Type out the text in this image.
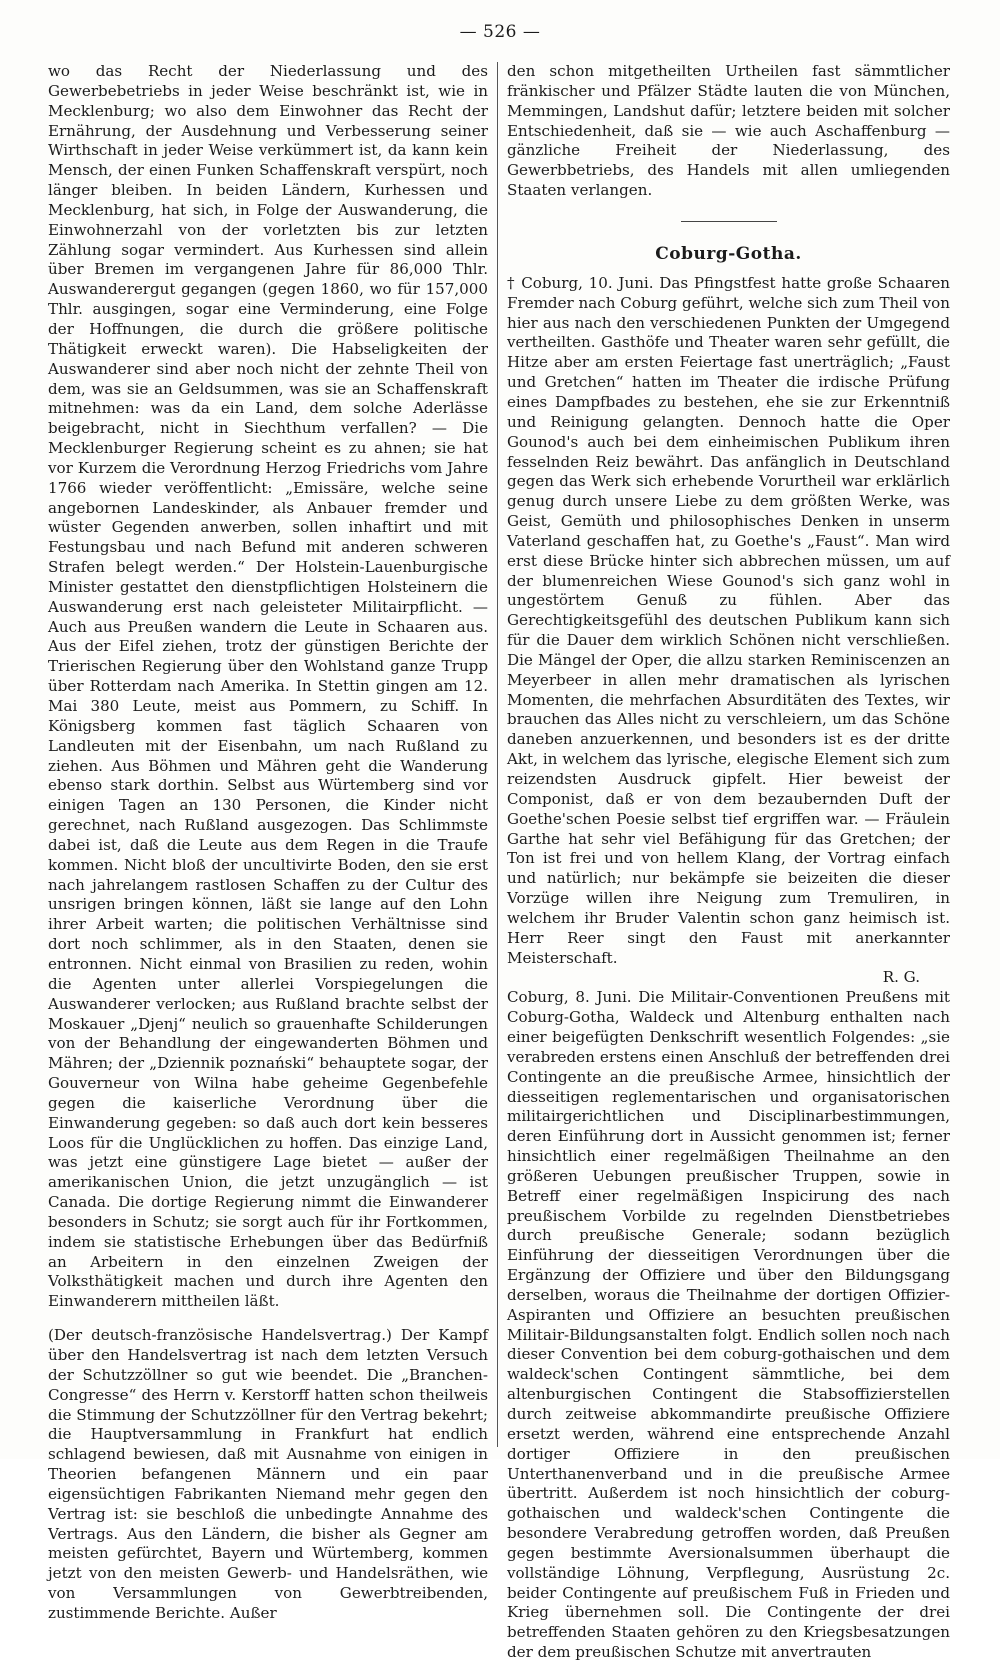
— 526 —

wo das Recht der Niederlassung und des Gewerbebetriebs in jeder Weise beschränkt ist, wie in Mecklenburg; wo also dem Einwohner das Recht der Ernährung, der Ausdehnung und Verbesserung seiner Wirthschaft in jeder Weise verkümmert ist, da kann kein Mensch, der einen Funken Schaffenskraft verspürt, noch länger bleiben. In beiden Ländern, Kurhessen und Mecklenburg, hat sich, in Folge der Auswanderung, die Einwohnerzahl von der vorletzten bis zur letzten Zählung sogar vermindert. Aus Kurhessen sind allein über Bremen im vergangenen Jahre für 86,000 Thlr. Auswanderergut gegangen (gegen 1860, wo für 157,000 Thlr. ausgingen, sogar eine Verminderung, eine Folge der Hoffnungen, die durch die größere politische Thätigkeit erweckt waren). Die Habseligkeiten der Auswanderer sind aber noch nicht der zehnte Theil von dem, was sie an Geldsummen, was sie an Schaffenskraft mitnehmen: was da ein Land, dem solche Aderlässe beigebracht, nicht in Siechthum verfallen? — Die Mecklenburger Regierung scheint es zu ahnen; sie hat vor Kurzem die Verordnung Herzog Friedrichs vom Jahre 1766 wieder veröffentlicht: „Emissäre, welche seine angebornen Landeskinder, als Anbauer fremder und wüster Gegenden anwerben, sollen inhaftirt und mit Festungsbau und nach Befund mit anderen schweren Strafen belegt werden.“ Der Holstein-Lauenburgische Minister gestattet den dienstpflichtigen Holsteinern die Auswanderung erst nach geleisteter Militairpflicht. — Auch aus Preußen wandern die Leute in Schaaren aus. Aus der Eifel ziehen, trotz der günstigen Berichte der Trierischen Regierung über den Wohlstand ganze Trupp über Rotterdam nach Amerika. In Stettin gingen am 12. Mai 380 Leute, meist aus Pommern, zu Schiff. In Königsberg kommen fast täglich Schaaren von Landleuten mit der Eisenbahn, um nach Rußland zu ziehen. Aus Böhmen und Mähren geht die Wanderung ebenso stark dorthin. Selbst aus Würtemberg sind vor einigen Tagen an 130 Personen, die Kinder nicht gerechnet, nach Rußland ausgezogen. Das Schlimmste dabei ist, daß die Leute aus dem Regen in die Traufe kommen. Nicht bloß der uncultivirte Boden, den sie erst nach jahrelangem rastlosen Schaffen zu der Cultur des unsrigen bringen können, läßt sie lange auf den Lohn ihrer Arbeit warten; die politischen Verhältnisse sind dort noch schlimmer, als in den Staaten, denen sie entronnen. Nicht einmal von Brasilien zu reden, wohin die Agenten unter allerlei Vorspiegelungen die Auswanderer verlocken; aus Rußland brachte selbst der Moskauer „Djenj“ neulich so grauenhafte Schilderungen von der Behandlung der eingewanderten Böhmen und Mähren; der „Dziennik poznański“ behauptete sogar, der Gouverneur von Wilna habe geheime Gegenbefehle gegen die kaiserliche Verordnung über die Einwanderung gegeben: so daß auch dort kein besseres Loos für die Unglücklichen zu hoffen. Das einzige Land, was jetzt eine günstigere Lage bietet — außer der amerikanischen Union, die jetzt unzugänglich — ist Canada. Die dortige Regierung nimmt die Einwanderer besonders in Schutz; sie sorgt auch für ihr Fortkommen, indem sie statistische Erhebungen über das Bedürfniß an Arbeitern in den einzelnen Zweigen der Volksthätigkeit machen und durch ihre Agenten den Einwanderern mittheilen läßt.

(Der deutsch-französische Handelsvertrag.) Der Kampf über den Handelsvertrag ist nach dem letzten Versuch der Schutzzöllner so gut wie beendet. Die „Branchen-Congresse“ des Herrn v. Kerstorff hatten schon theilweis die Stimmung der Schutzzöllner für den Vertrag bekehrt; die Hauptversammlung in Frankfurt hat endlich schlagend bewiesen, daß mit Ausnahme von einigen in Theorien befangenen Männern und ein paar eigensüchtigen Fabrikanten Niemand mehr gegen den Vertrag ist: sie beschloß die unbedingte Annahme des Vertrags. Aus den Ländern, die bisher als Gegner am meisten gefürchtet, Bayern und Würtemberg, kommen jetzt von den meisten Gewerb- und Handelsräthen, wie von Versammlungen von Gewerbtreibenden, zustimmende Berichte. Außer

den schon mitgetheilten Urtheilen fast sämmtlicher fränkischer und Pfälzer Städte lauten die von München, Memmingen, Landshut dafür; letztere beiden mit solcher Entschiedenheit, daß sie — wie auch Aschaffenburg — gänzliche Freiheit der Niederlassung, des Gewerbbetriebs, des Handels mit allen umliegenden Staaten verlangen.

Coburg-Gotha.

† Coburg, 10. Juni. Das Pfingstfest hatte große Schaaren Fremder nach Coburg geführt, welche sich zum Theil von hier aus nach den verschiedenen Punkten der Umgegend vertheilten. Gasthöfe und Theater waren sehr gefüllt, die Hitze aber am ersten Feiertage fast unerträglich; „Faust und Gretchen“ hatten im Theater die irdische Prüfung eines Dampfbades zu bestehen, ehe sie zur Erkenntniß und Reinigung gelangten. Dennoch hatte die Oper Gounod's auch bei dem einheimischen Publikum ihren fesselnden Reiz bewährt. Das anfänglich in Deutschland gegen das Werk sich erhebende Vorurtheil war erklärlich genug durch unsere Liebe zu dem größten Werke, was Geist, Gemüth und philosophisches Denken in unserm Vaterland geschaffen hat, zu Goethe's „Faust“. Man wird erst diese Brücke hinter sich abbrechen müssen, um auf der blumenreichen Wiese Gounod's sich ganz wohl in ungestörtem Genuß zu fühlen. Aber das Gerechtigkeitsgefühl des deutschen Publikum kann sich für die Dauer dem wirklich Schönen nicht verschließen. Die Mängel der Oper, die allzu starken Reminiscenzen an Meyerbeer in allen mehr dramatischen als lyrischen Momenten, die mehrfachen Absurditäten des Textes, wir brauchen das Alles nicht zu verschleiern, um das Schöne daneben anzuerkennen, und besonders ist es der dritte Akt, in welchem das lyrische, elegische Element sich zum reizendsten Ausdruck gipfelt. Hier beweist der Componist, daß er von dem bezaubernden Duft der Goethe'schen Poesie selbst tief ergriffen war. — Fräulein Garthe hat sehr viel Befähigung für das Gretchen; der Ton ist frei und von hellem Klang, der Vortrag einfach und natürlich; nur bekämpfe sie beizeiten die dieser Vorzüge willen ihre Neigung zum Tremuliren, in welchem ihr Bruder Valentin schon ganz heimisch ist. Herr Reer singt den Faust mit anerkannter Meisterschaft.

R. G.

Coburg, 8. Juni. Die Militair-Conventionen Preußens mit Coburg-Gotha, Waldeck und Altenburg enthalten nach einer beigefügten Denkschrift wesentlich Folgendes: „sie verabreden erstens einen Anschluß der betreffenden drei Contingente an die preußische Armee, hinsichtlich der diesseitigen reglementarischen und organisatorischen militairgerichtlichen und Disciplinarbestimmungen, deren Einführung dort in Aussicht genommen ist; ferner hinsichtlich einer regelmäßigen Theilnahme an den größeren Uebungen preußischer Truppen, sowie in Betreff einer regelmäßigen Inspicirung des nach preußischem Vorbilde zu regelnden Dienstbetriebes durch preußische Generale; sodann bezüglich Einführung der diesseitigen Verordnungen über die Ergänzung der Offiziere und über den Bildungsgang derselben, woraus die Theilnahme der dortigen Offizier-Aspiranten und Offiziere an besuchten preußischen Militair-Bildungsanstalten folgt. Endlich sollen noch nach dieser Convention bei dem coburg-gothaischen und dem waldeck'schen Contingent sämmtliche, bei dem altenburgischen Contingent die Stabsoffizierstellen durch zeitweise abkommandirte preußische Offiziere ersetzt werden, während eine entsprechende Anzahl dortiger Offiziere in den preußischen Unterthanenverband und in die preußische Armee übertritt. Außerdem ist noch hinsichtlich der coburg-gothaischen und waldeck'schen Contingente die besondere Verabredung getroffen worden, daß Preußen gegen bestimmte Aversionalsummen überhaupt die vollständige Löhnung, Verpflegung, Ausrüstung 2c. beider Contingente auf preußischem Fuß in Frieden und Krieg übernehmen soll. Die Contingente der drei betreffenden Staaten gehören zu den Kriegsbesatzungen der dem preußischen Schutze mit anvertrauten
